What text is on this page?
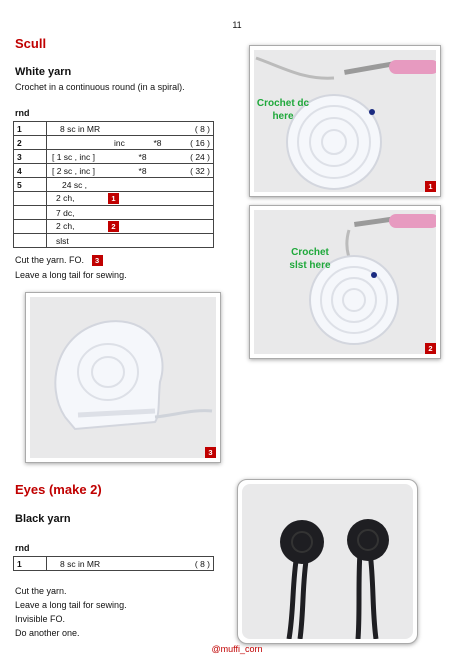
11
Scull
White yarn
Crochet in a continuous round (in a spiral).
rnd
1	8 sc in MR ( 8 )

2	inc *8 ( 16 )

3	[ 1 sc , inc ] *8 ( 24 )

4	[ 2 sc , inc ] *8 ( 32 )

5	24 sc ,
	2 ch, 1
	7 dc,
	2 ch, 2
	slst
Cut the yarn. FO. 3
Leave a long tail for sewing.
Crochet dc
here
1
Crochet
slst here
2
3
Eyes (make 2)
Black yarn
rnd
1	8 sc in MR	( 8 )
Cut the yarn.
Leave a long tail for sewing.
Invisible FO.
Do another one.
@muffi_corn
